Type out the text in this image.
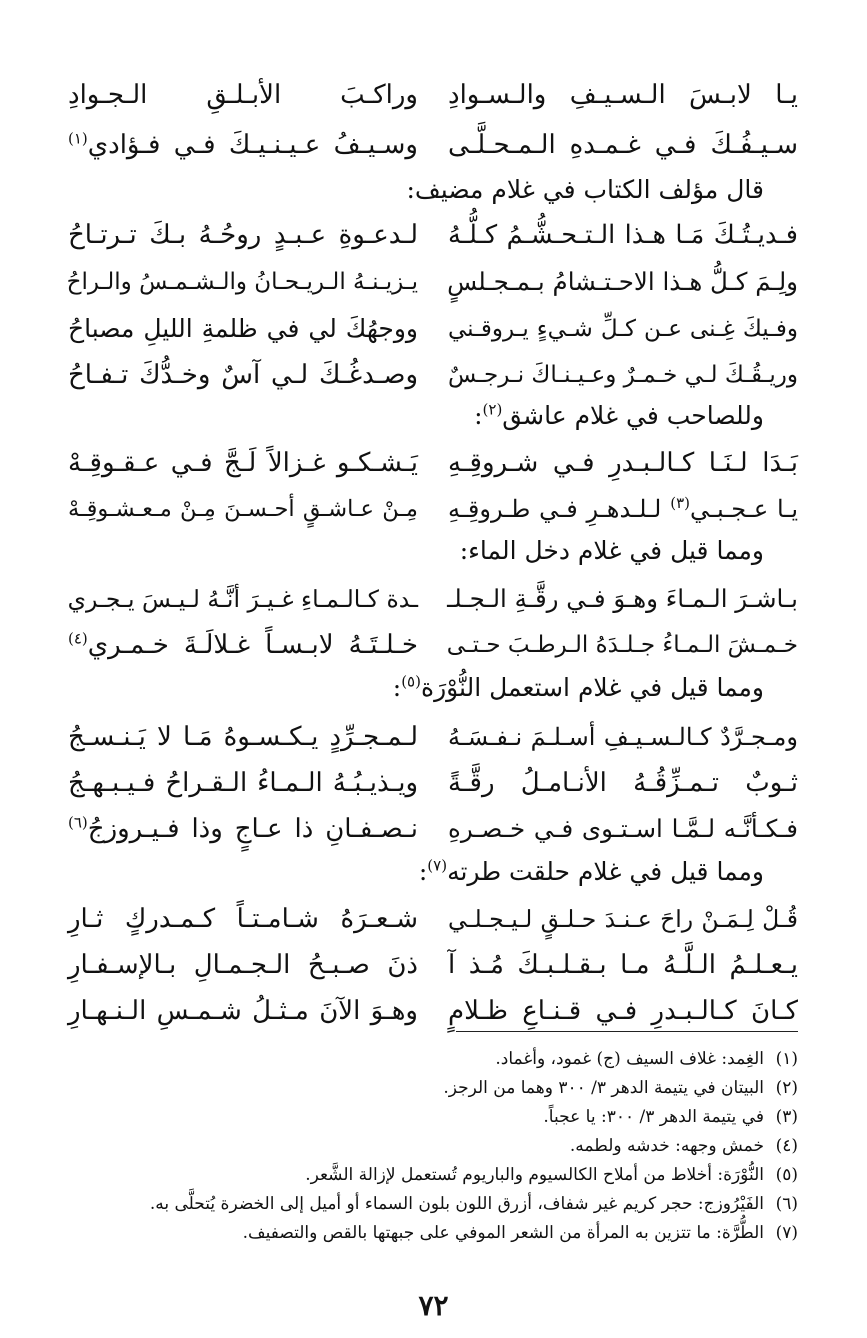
يـا لابـسَ الـسـيـفِ والـسـوادِ
وراكـبَ الأبـلـقِ الـجـوادِ
سـيـفُـكَ فـي غـمـدهِ الـمـحـلَّـى
وسـيـفُ عـيـنـيـكَ فـي فـؤادي$^{(١)}$
قال مؤلف الكتاب في غلام مضيف:
فـديـتُـكَ مَـا هـذا الـتـحـشُّـمُ كـلُّـهُ
لـدعـوةِ عـبـدٍ روحُـهُ بـكَ تـرتـاحُ
ولِـمَ كـلُّ هـذا الاحـتـشامُ بـمـجـلسٍ
يـزيـنـهُ الـريـحـانُ والـشـمـسُ والـراحُ
وفـيكَ غِـنى عـن كـلِّ شـيءٍ يـروقـني
ووجهُكَ لي في ظلمةِ الليلِ مصباحُ
وريـقُـكَ لـي خـمـرٌ وعـيـنـاكَ نـرجـسٌ
وصـدغُـكَ لـي آسٌ وخـدُّكَ تـفـاحُ
وللصاحب في غلام عاشق$^{(٢)}$:
بَـدَا لـنَـا كـالـبـدرِ فـي شـروقِـهِ
يَـشـكـو غـزالاً لَـجَّ فـي عـقـوقِـهْ
يـا عـجـبـي$^{(٣)}$ لـلـدهـرِ فـي طـروقِـهِ
مِـنْ عـاشـقٍ أحـسـنَ مِـنْ مـعـشـوقِـهْ
ومما قيل في غلام دخل الماء:
بـاشـرَ الـمـاءَ وهـوَ فـي رقَّـةِ الـجـلـ
ـدة كـالـمـاءِ غـيـرَ أنَّـهُ لـيـسَ يـجـري
خـمـشَ الـمـاءُ جـلـدَهُ الـرطـبَ حـتـى
خـلـتَـهُ لابـسـاً غـلالَـةَ خـمـري$^{(٤)}$
ومما قيل في غلام استعمل النُّوْرَة$^{(٥)}$:
ومـجـرَّدٌ كـالـسـيـفِ أسـلـمَ نـفـسَـهُ
لـمـجـرِّدٍ يـكـسـوهُ مَـا لا يَـنـسـجُ
ثـوبٌ تـمـزِّقُـهُ الأنـامـلُ رقَّـةً
ويـذيـبُـهُ الـمـاءُ الـقـراحُ فـيـبـهـجُ
فـكـأنَّـه لـمَّـا اسـتـوى فـي خـصـرهِ
نـصـفـانِ ذا عـاجٍ وذا فـيـروزجُ$^{(٦)}$
ومما قيل في غلام حلقت طرته$^{(٧)}$:
قُـلْ لِـمَـنْ راحَ عـنـدَ حـلـقٍ لـيـجـلـي
شـعـرَهُ شـامـتـاً كـمـدركٍ ثـارِ
يـعـلـمُ الـلَّـهُ مـا بـقـلـبـكَ مُـذ آ
ذنَ صـبـحُ الـجـمـالِ بـالإسـفـارِ
كـانَ كـالـبـدرِ فـي قـنـاعِ ظـلامٍ
وهـوَ الآنَ مـثـلُ شـمـسِ الـنـهـارِ
(١)الغِمد: غلاف السيف (ج) غمود، وأغماد.
(٢)البيتان في يتيمة الدهر ٣/ ٣٠٠ وهما من الرجز.
(٣)في يتيمة الدهر ٣/ ٣٠٠: يا عجباً.
(٤)خمش وجهه: خدشه ولطمه.
(٥)النُّوْرَة: أخلاط من أملاح الكالسيوم والباريوم تُستعمل لإزالة الشَّعر.
(٦)الفَيْرُوزج: حجر كريم غير شفاف، أزرق اللون بلون السماء أو أميل إلى الخضرة يُتحلَّى به.
(٧)الطُّرَّة: ما تتزين به المرأة من الشعر الموفي على جبهتها بالقص والتصفيف.
٧٢
